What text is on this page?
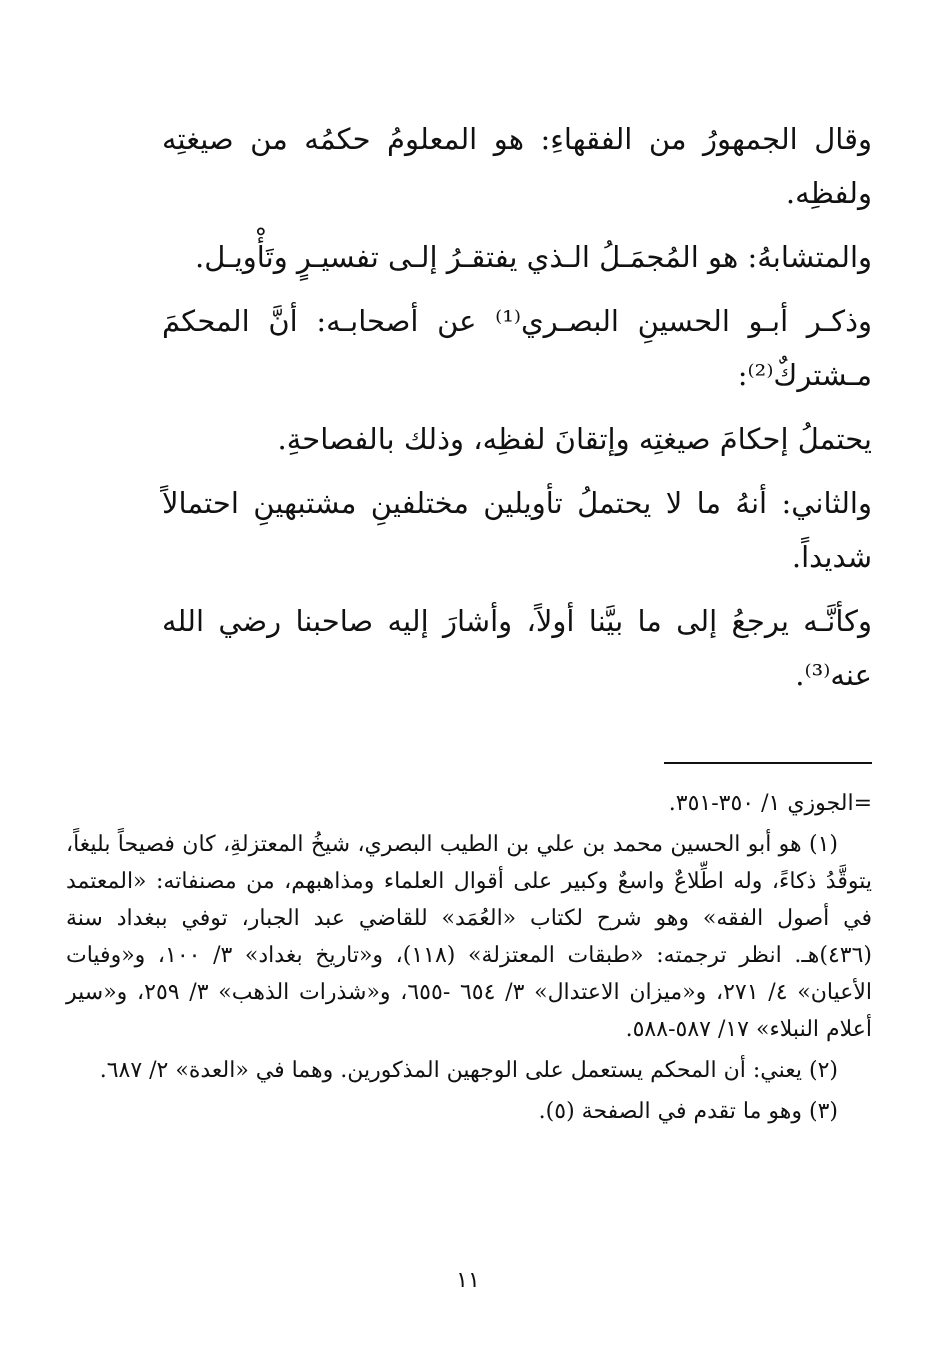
وقال الجمهورُ من الفقهاءِ: هو المعلومُ حكمُه من صيغتِه ولفظِه.

والمتشابهُ: هو المُجمَـلُ الـذي يفتقـرُ إلـى تفسيـرٍ وتَأْويـل.

وذكـر أبـو الحسينِ البصـري⁽¹⁾ عن أصحابـه: أنَّ المحكمَ مـشتركٌ⁽²⁾:

يحتملُ إحكامَ صيغتِه وإتقانَ لفظِه، وذلك بالفصاحةِ.

والثاني: أنهُ ما لا يحتملُ تأويلين مختلفينِ مشتبهينِ احتمالاً شديداً.

وكأنَّـه يرجعُ إلى ما بيَّنا أولاً، وأشارَ إليه صاحبنا رضي الله عنه⁽³⁾.

=الجوزي ١/ ٣٥٠-٣٥١.

(١) هو أبو الحسين محمد بن علي بن الطيب البصري، شيخُ المعتزلةِ، كان فصيحاً بليغاً، يتوقَّدُ ذكاءً، وله اطِّلاعٌ واسعٌ وكبير على أقوال العلماء ومذاهبهم، من مصنفاته: «المعتمد في أصول الفقه» وهو شرح لكتاب «العُمَد» للقاضي عبد الجبار، توفي ببغداد سنة (٤٣٦)هـ. انظر ترجمته: «طبقات المعتزلة» (١١٨)، و«تاريخ بغداد» ٣/ ١٠٠، و«وفيات الأعيان» ٤/ ٢٧١، و«ميزان الاعتدال» ٣/ ٦٥٤ -٦٥٥، و«شذرات الذهب» ٣/ ٢٥٩، و«سير أعلام النبلاء» ١٧/ ٥٨٧-٥٨٨.

(٢) يعني: أن المحكم يستعمل على الوجهين المذكورين. وهما في «العدة» ٢/ ٦٨٧.

(٣) وهو ما تقدم في الصفحة (٥).

١١
